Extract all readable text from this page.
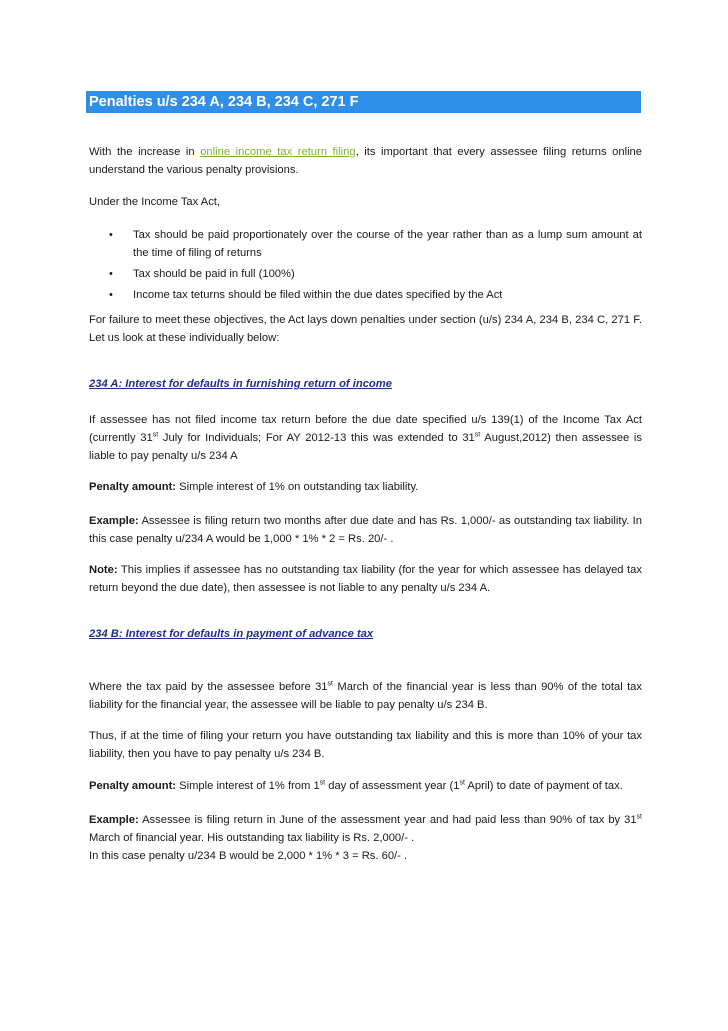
Penalties u/s 234 A, 234 B, 234 C, 271 F

With the increase in online income tax return filing, its important that every assessee filing returns online understand the various penalty provisions.

Under the Income Tax Act,

• Tax should be paid proportionately over the course of the year rather than as a lump sum amount at the time of filing of returns
• Tax should be paid in full (100%)
• Income tax teturns should be filed within the due dates specified by the Act

For failure to meet these objectives, the Act lays down penalties under section (u/s) 234 A, 234 B, 234 C, 271 F. Let us look at these individually below:

234 A: Interest for defaults in furnishing return of income

If assessee has not filed income tax return before the due date specified u/s 139(1) of the Income Tax Act (currently 31st July for Individuals; For AY 2012-13 this was extended to 31st August,2012) then assessee is liable to pay penalty u/s 234 A

Penalty amount: Simple interest of 1% on outstanding tax liability.

Example: Assessee is filing return two months after due date and has Rs. 1,000/- as outstanding tax liability. In this case penalty u/234 A would be 1,000 * 1% * 2 = Rs. 20/- .

Note: This implies if assessee has no outstanding tax liability (for the year for which assessee has delayed tax return beyond the due date), then assessee is not liable to any penalty u/s 234 A.

234 B: Interest for defaults in payment of advance tax

Where the tax paid by the assessee before 31st March of the financial year is less than 90% of the total tax liability for the financial year, the assessee will be liable to pay penalty u/s 234 B.

Thus, if at the time of filing your return you have outstanding tax liability and this is more than 10% of your tax liability, then you have to pay penalty u/s 234 B.

Penalty amount: Simple interest of 1% from 1st day of assessment year (1st April) to date of payment of tax.

Example: Assessee is filing return in June of the assessment year and had paid less than 90% of tax by 31st March of financial year. His outstanding tax liability is Rs. 2,000/- .

In this case penalty u/234 B would be 2,000 * 1% * 3 = Rs. 60/- .
